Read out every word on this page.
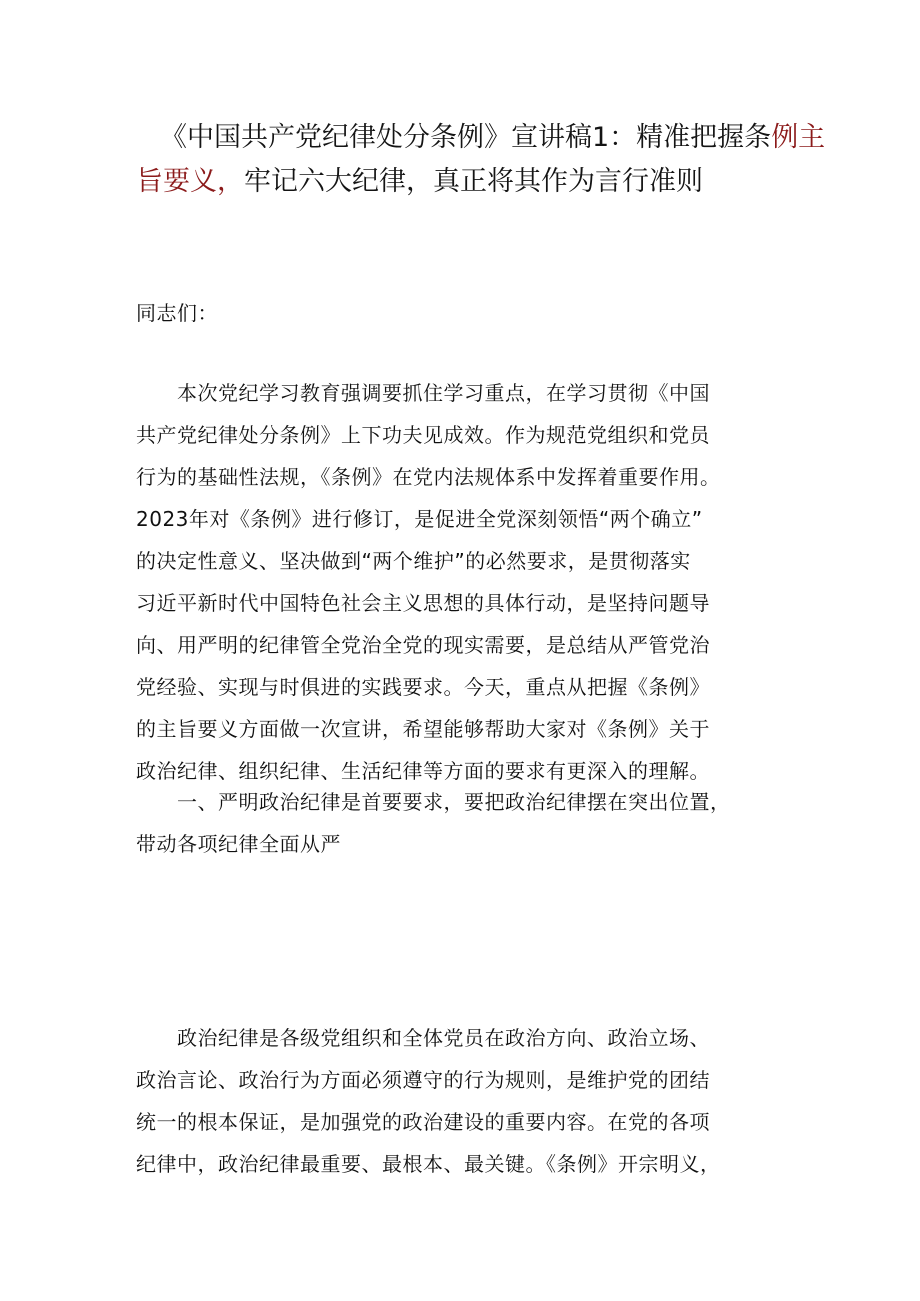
《中国共产党纪律处分条例》宣讲稿1：精准把握条例主
旨要义，牢记六大纪律，真正将其作为言行准则

同志们：

　　本次党纪学习教育强调要抓住学习重点，在学习贯彻《中国
共产党纪律处分条例》上下功夫见成效。作为规范党组织和党员
行为的基础性法规，《条例》在党内法规体系中发挥着重要作用。
2023年对《条例》进行修订，是促进全党深刻领悟“两个确立”
的决定性意义、坚决做到“两个维护”的必然要求，是贯彻落实
习近平新时代中国特色社会主义思想的具体行动，是坚持问题导
向、用严明的纪律管全党治全党的现实需要，是总结从严管党治
党经验、实现与时俱进的实践要求。今天，重点从把握《条例》
的主旨要义方面做一次宣讲，希望能够帮助大家对《条例》关于
政治纪律、组织纪律、生活纪律等方面的要求有更深入的理解。

　　一、严明政治纪律是首要要求，要把政治纪律摆在突出位置，
带动各项纪律全面从严

　　政治纪律是各级党组织和全体党员在政治方向、政治立场、
政治言论、政治行为方面必须遵守的行为规则，是维护党的团结
统一的根本保证，是加强党的政治建设的重要内容。在党的各项
纪律中，政治纪律最重要、最根本、最关键。《条例》开宗明义，
